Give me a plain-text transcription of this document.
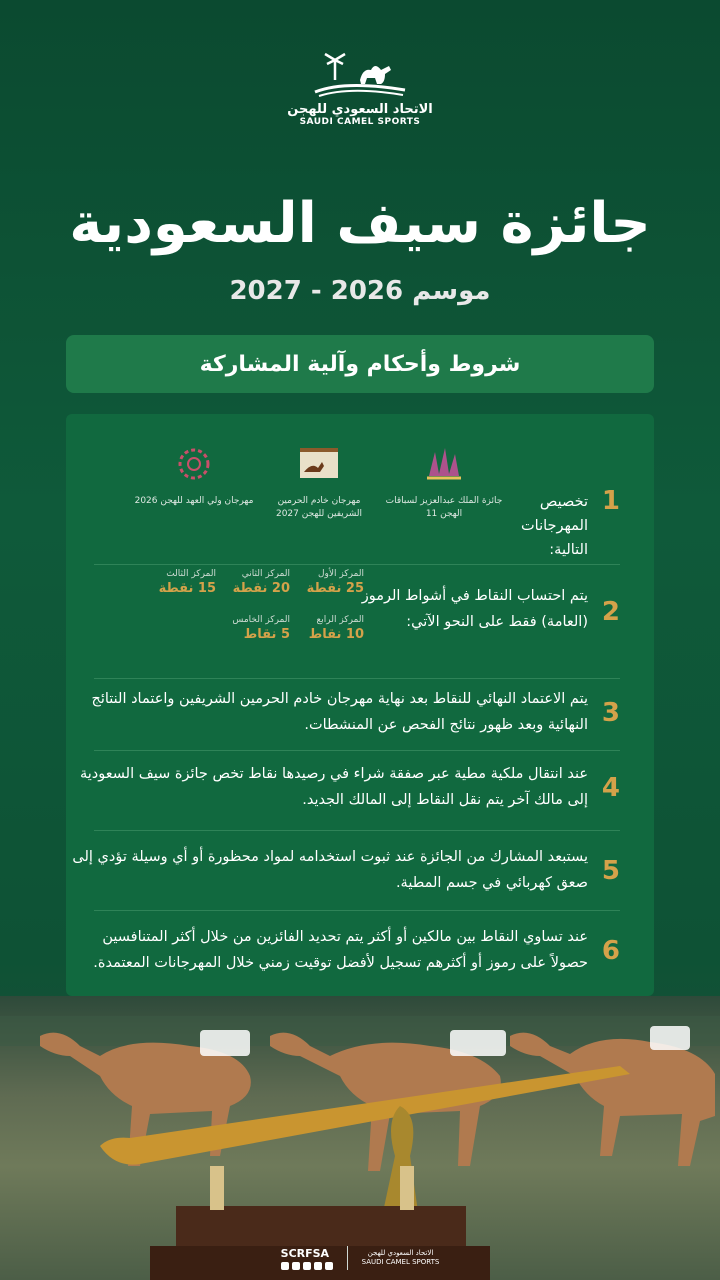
الاتحاد السعودي للهجن
SAUDI CAMEL SPORTS
جائزة سيف السعودية
موسم 2026 - 2027
شروط وأحكام وآلية المشاركة
1
تخصيص المهرجانات التالية:
جائزة الملك عبدالعزيز لسباقات الهجن 11
مهرجان خادم الحرمين الشريفين للهجن 2027
مهرجان ولي العهد للهجن 2026
2
يتم احتساب النقاط في أشواط الرموز (العامة) فقط على النحو الآتي:
المركز الأول
25 نقطة
المركز الثاني
20 نقطة
المركز الثالث
15 نقطة
المركز الرابع
10 نقاط
المركز الخامس
5 نقاط
3
يتم الاعتماد النهائي للنقاط بعد نهاية مهرجان خادم الحرمين الشريفين واعتماد النتائج النهائية وبعد ظهور نتائج الفحص عن المنشطات.
4
عند انتقال ملكية مطية عبر صفقة شراء في رصيدها نقاط تخص جائزة سيف السعودية إلى مالك آخر يتم نقل النقاط إلى المالك الجديد.
5
يستبعد المشارك من الجائزة عند ثبوت استخدامه لمواد محظورة أو أي وسيلة تؤدي إلى صعق كهربائي في جسم المطية.
6
عند تساوي النقاط بين مالكين أو أكثر يتم تحديد الفائزين من خلال أكثر المتنافسين حصولاً على رموز أو أكثرهم تسجيل لأفضل توقيت زمني خلال المهرجانات المعتمدة.
SCRFSA	الاتحاد السعودي للهجن
SAUDI CAMEL SPORTS
